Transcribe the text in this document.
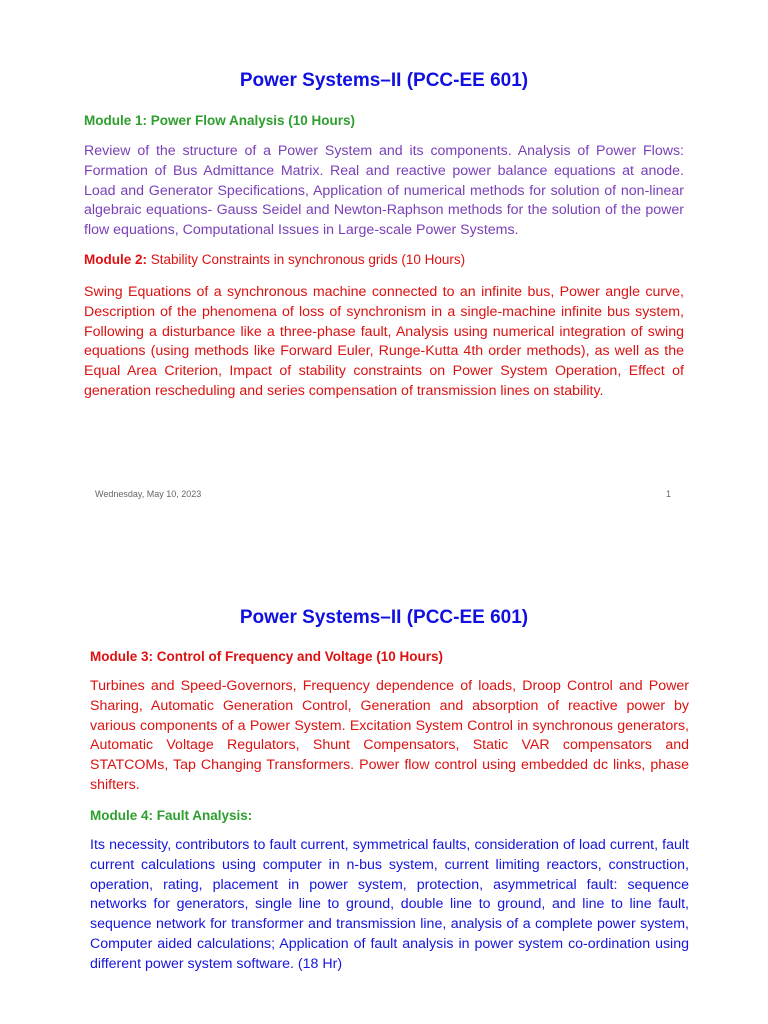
Power Systems–II (PCC-EE 601)
Module 1: Power Flow Analysis (10 Hours)

Review of the structure of a Power System and its components. Analysis of Power Flows: Formation of Bus Admittance Matrix. Real and reactive power balance equations at anode. Load and Generator Specifications, Application of numerical methods for solution of non-linear algebraic equations- Gauss Seidel and Newton-Raphson methods for the solution of the power flow equations, Computational Issues in Large-scale Power Systems.

Module 2: Stability Constraints in synchronous grids (10 Hours)

Swing Equations of a synchronous machine connected to an infinite bus, Power angle curve, Description of the phenomena of loss of synchronism in a single-machine infinite bus system, Following a disturbance like a three-phase fault, Analysis using numerical integration of swing equations (using methods like Forward Euler, Runge-Kutta 4th order methods), as well as the Equal Area Criterion, Impact of stability constraints on Power System Operation, Effect of generation rescheduling and series compensation of transmission lines on stability.

Wednesday, May 10, 2023	1
Power Systems–II (PCC-EE 601)
Module 3: Control of Frequency and Voltage (10 Hours)

Turbines and Speed-Governors, Frequency dependence of loads, Droop Control and Power Sharing, Automatic Generation Control, Generation and absorption of reactive power by various components of a Power System. Excitation System Control in synchronous generators, Automatic Voltage Regulators, Shunt Compensators, Static VAR compensators and STATCOMs, Tap Changing Transformers. Power flow control using embedded dc links, phase shifters.

Module 4: Fault Analysis:

Its necessity, contributors to fault current, symmetrical faults, consideration of load current, fault current calculations using computer in n-bus system, current limiting reactors, construction, operation, rating, placement in power system, protection, asymmetrical fault: sequence networks for generators, single line to ground, double line to ground, and line to line fault, sequence network for transformer and transmission line, analysis of a complete power system, Computer aided calculations; Application of fault analysis in power system co-ordination using different power system software. (18 Hr)
